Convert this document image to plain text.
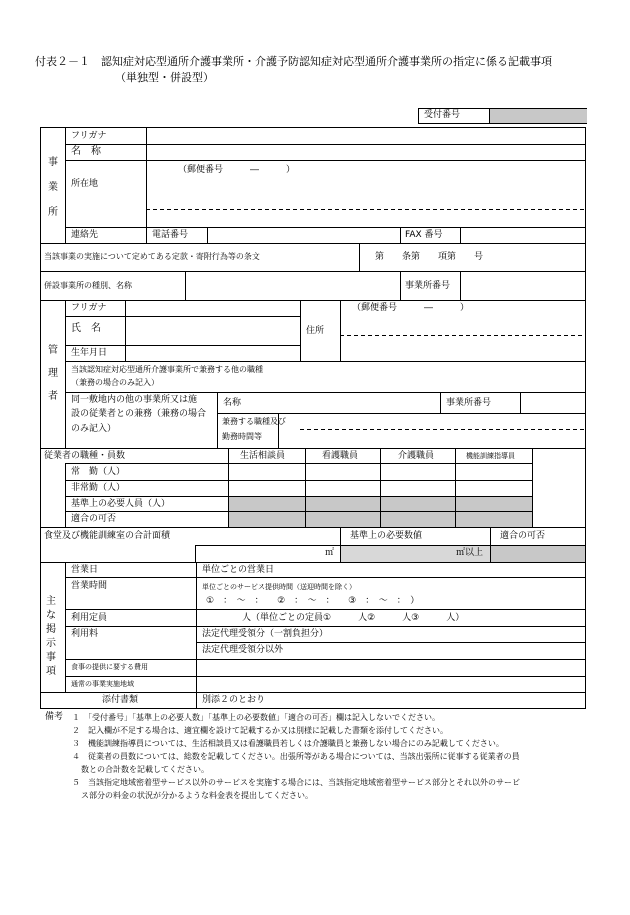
付表２－１　認知症対応型通所介護事業所・介護予防認知症対応型通所介護事業所の指定に係る記載事項
（単独型・併設型）
受付番号
事
業
所
フリガナ
名　称
所在地
（郵便番号　　　―　　　）
連絡先	電話番号	FAX 番号
当該事業の実施について定めてある定款・寄附行為等の条文	第　　条第　　項第　　号
併設事業所の種別、名称	事業所番号
管
理
者
フリガナ
氏　名	住所
（郵便番号　　　―　　　）
生年月日
当該認知症対応型通所介護事業所で兼務する他の職種
（兼務の場合のみ記入）
同一敷地内の他の事業所又は施
設の従業者との兼務（兼務の場合
のみ記入）
名称	事業所番号
兼務する職種及び
勤務時間等
従業者の職種・員数	生活相談員	看護職員	介護職員	機能訓練指導員
常　勤（人）
非常勤（人）
基準上の必要人員（人）
適合の可否
食堂及び機能訓練室の合計面積	基準上の必要数値	適合の可否
㎡	㎡以上
主な掲示事項
営業日	単位ごとの営業日
営業時間	単位ごとのサービス提供時間（送迎時間を除く）
①　：　～　：　　②　：　～　：　　③　：　～　：　）
利用定員	人（単位ごとの定員①　　　人②　　　人③　　　人）
利用料	法定代理受領分（一割負担分）
法定代理受領分以外
食事の提供に要する費用
通常の事業実施地域
添付書類	別添２のとおり
備考 １　「受付番号」「基準上の必要人数」「基準上の必要数値」「適合の可否」欄は記入しないでください。
２　記入欄が不足する場合は、適宜欄を設けて記載するか又は別様に記載した書類を添付してください。
３　機能訓練指導員については、生活相談員又は看護職員若しくは介護職員と兼務しない場合にのみ記載してください。
４　従業者の員数については、総数を記載してください。出張所等がある場合については、当該出張所に従事する従業者の員
数との合計数を記載してください。
５　当該指定地域密着型サービス以外のサービスを実施する場合には、当該指定地域密着型サービス部分とそれ以外のサービ
ス部分の料金の状況が分かるような料金表を提出してください。
